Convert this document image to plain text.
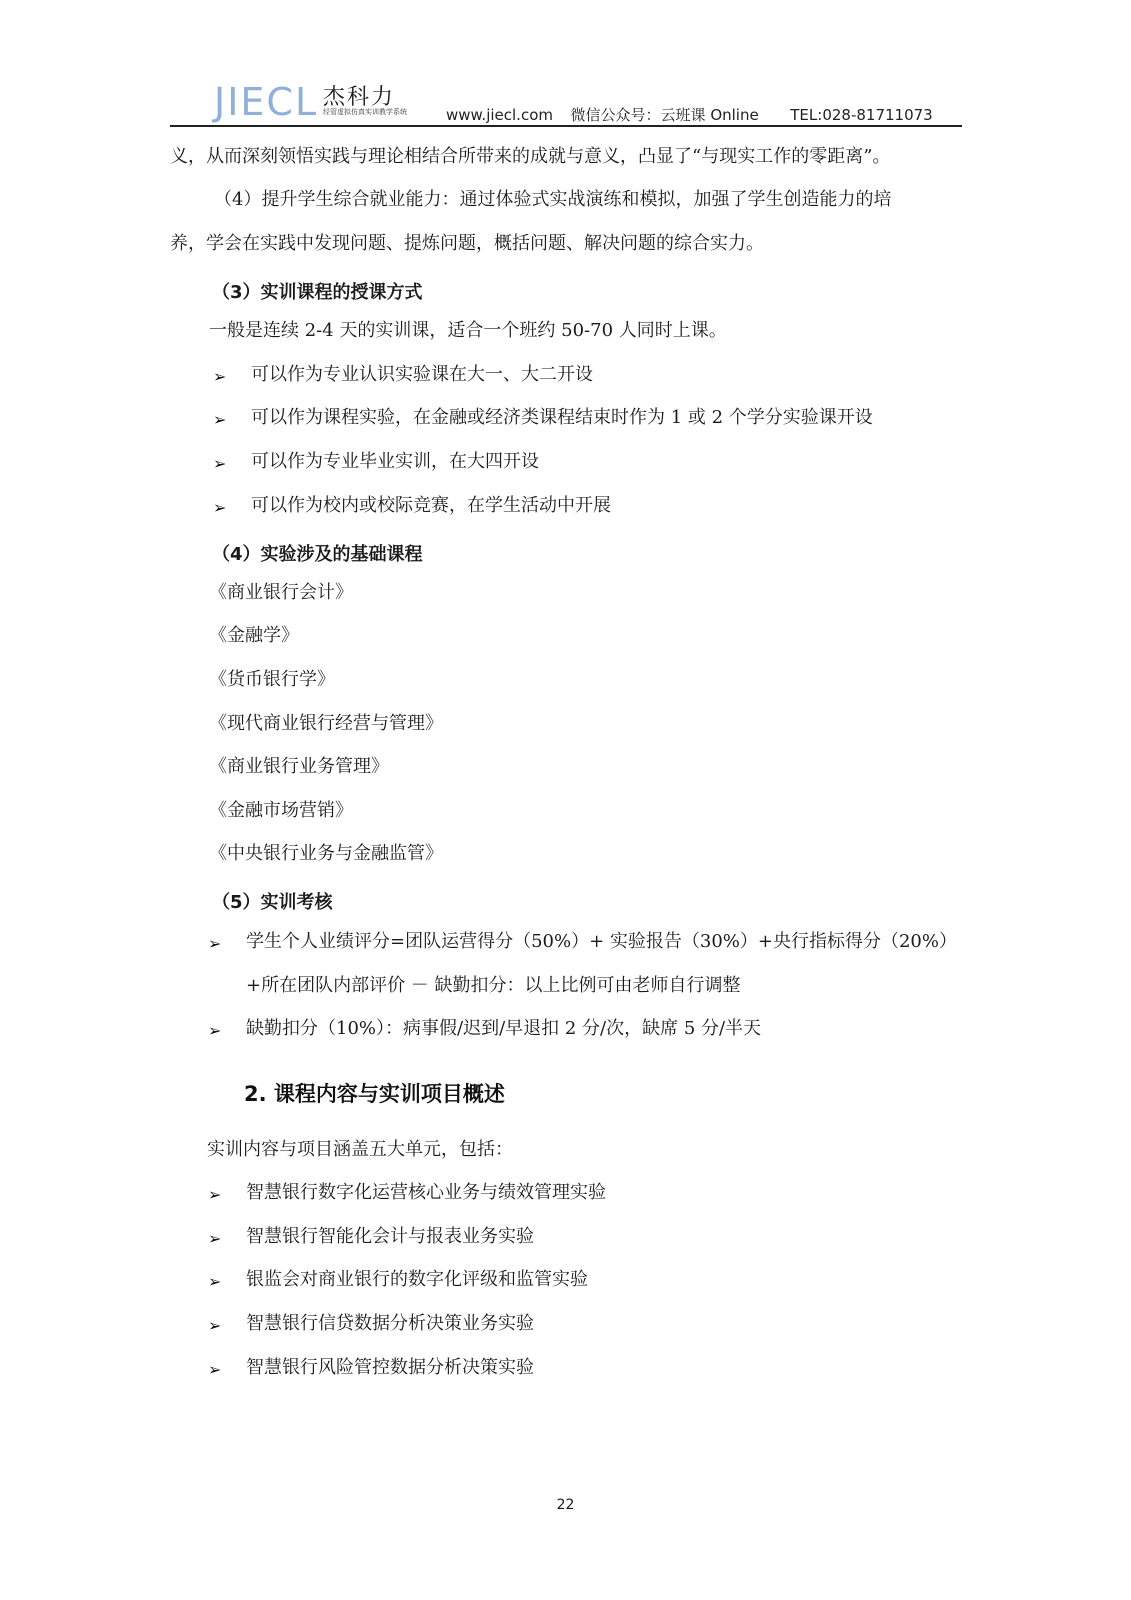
JIECL 杰科力
经管虚拟仿真实训教学系统	www.jiecl.com 微信公众号：云班课 Online TEL:028-81711073
义，从而深刻领悟实践与理论相结合所带来的成就与意义，凸显了“与现实工作的零距离”。
（4）提升学生综合就业能力：通过体验式实战演练和模拟，加强了学生创造能力的培
养，学会在实践中发现问题、提炼问题，概括问题、解决问题的综合实力。
（3）实训课程的授课方式
一般是连续 2-4 天的实训课，适合一个班约 50-70 人同时上课。
➢ 可以作为专业认识实验课在大一、大二开设
➢ 可以作为课程实验，在金融或经济类课程结束时作为 1 或 2 个学分实验课开设
➢ 可以作为专业毕业实训，在大四开设
➢ 可以作为校内或校际竞赛，在学生活动中开展
（4）实验涉及的基础课程
《商业银行会计》
《金融学》
《货币银行学》
《现代商业银行经营与管理》
《商业银行业务管理》
《金融市场营销》
《中央银行业务与金融监管》
（5）实训考核
➢ 学生个人业绩评分=团队运营得分（50%）+ 实验报告（30%）+央行指标得分（20%）
+所在团队内部评价 － 缺勤扣分：以上比例可由老师自行调整
➢ 缺勤扣分（10%）：病事假/迟到/早退扣 2 分/次，缺席 5 分/半天
2. 课程内容与实训项目概述
实训内容与项目涵盖五大单元，包括：
➢ 智慧银行数字化运营核心业务与绩效管理实验
➢ 智慧银行智能化会计与报表业务实验
➢ 银监会对商业银行的数字化评级和监管实验
➢ 智慧银行信贷数据分析决策业务实验
➢ 智慧银行风险管控数据分析决策实验
22
